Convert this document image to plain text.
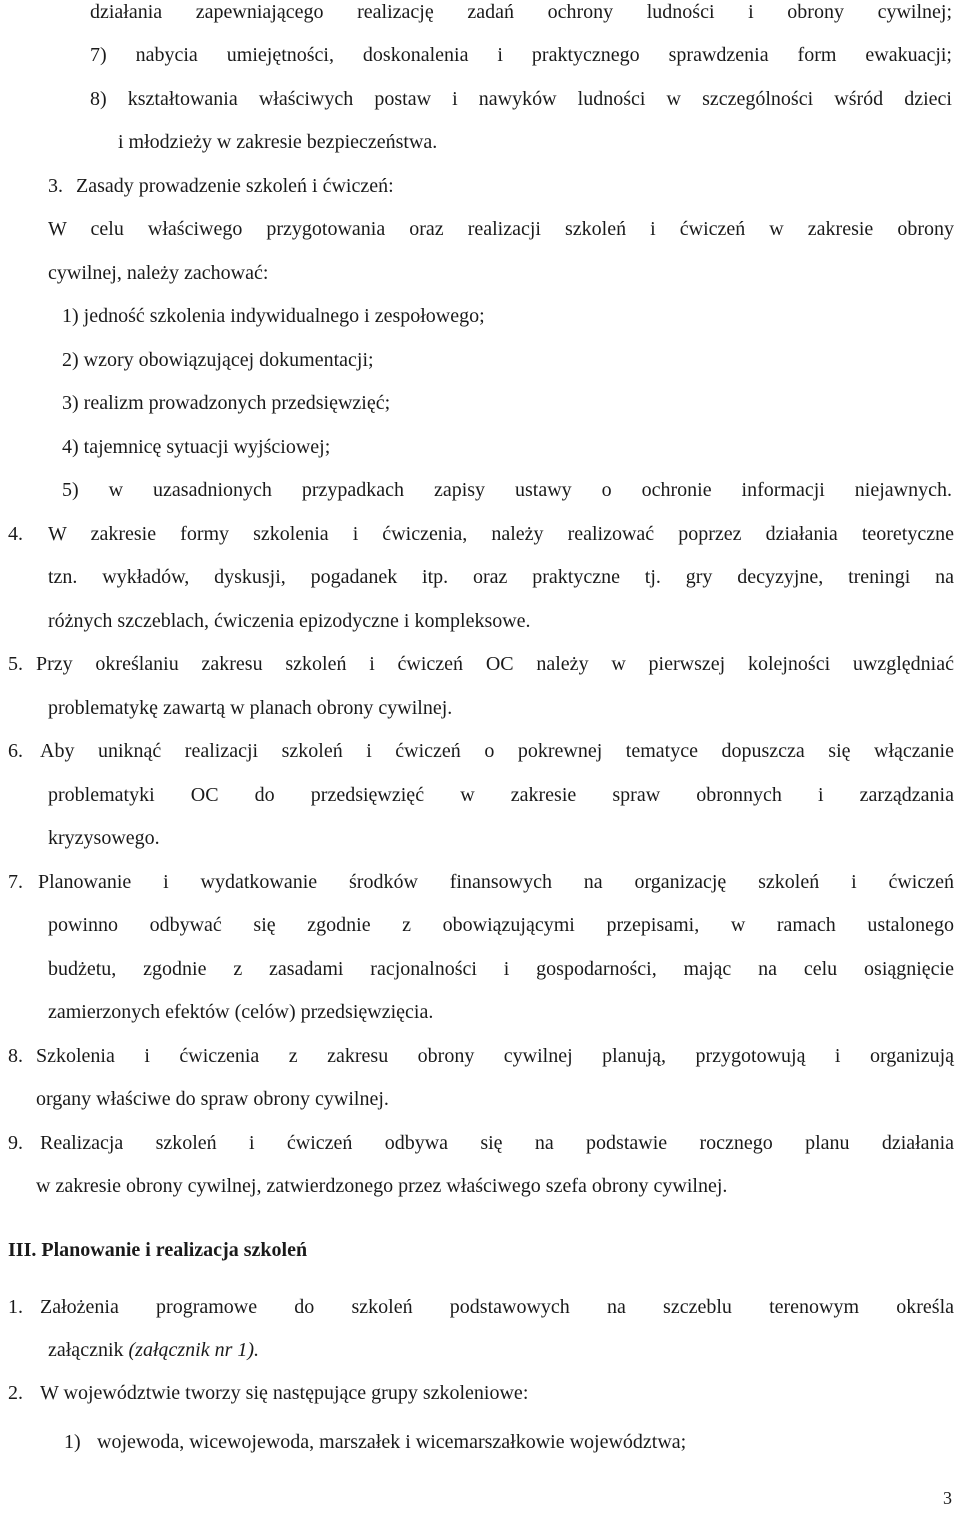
działania zapewniającego realizację zadań ochrony ludności i obrony cywilnej;
7) nabycia umiejętności, doskonalenia i praktycznego sprawdzenia form ewakuacji;
8) kształtowania właściwych postaw i nawyków ludności w szczególności wśród dzieci
i młodzieży w zakresie bezpieczeństwa.
3. Zasady prowadzenie szkoleń i ćwiczeń:
W celu właściwego przygotowania oraz realizacji szkoleń i ćwiczeń w zakresie obrony
cywilnej, należy zachować:
1) jedność szkolenia indywidualnego i zespołowego;
2) wzory obowiązującej dokumentacji;
3) realizm prowadzonych przedsięwzięć;
4) tajemnicę sytuacji wyjściowej;
5) w uzasadnionych przypadkach zapisy ustawy o ochronie informacji niejawnych.
4. W zakresie formy szkolenia i ćwiczenia, należy realizować poprzez działania teoretyczne
tzn. wykładów, dyskusji, pogadanek itp. oraz praktyczne tj. gry decyzyjne, treningi na
różnych szczeblach, ćwiczenia epizodyczne i kompleksowe.
5. Przy określaniu zakresu szkoleń i ćwiczeń OC należy w pierwszej kolejności uwzględniać
problematykę zawartą w planach obrony cywilnej.
6. Aby uniknąć realizacji szkoleń i ćwiczeń o pokrewnej tematyce dopuszcza się włączanie
problematyki OC do przedsięwzięć w zakresie spraw obronnych i zarządzania
kryzysowego.
7. Planowanie i wydatkowanie środków finansowych na organizację szkoleń i ćwiczeń
powinno odbywać się zgodnie z obowiązującymi przepisami, w ramach ustalonego
budżetu, zgodnie z zasadami racjonalności i gospodarności, mając na celu osiągnięcie
zamierzonych efektów (celów) przedsięwzięcia.
8. Szkolenia i ćwiczenia z zakresu obrony cywilnej planują, przygotowują i organizują
organy właściwe do spraw obrony cywilnej.
9. Realizacja szkoleń i ćwiczeń odbywa się na podstawie rocznego planu działania
w zakresie obrony cywilnej, zatwierdzonego przez właściwego szefa obrony cywilnej.
III. Planowanie i realizacja szkoleń
1. Założenia programowe do szkoleń podstawowych na szczeblu terenowym określa
załącznik (załącznik nr 1).
2. W województwie tworzy się następujące grupy szkoleniowe:
1) wojewoda, wicewojewoda, marszałek i wicemarszałkowie województwa;
3
